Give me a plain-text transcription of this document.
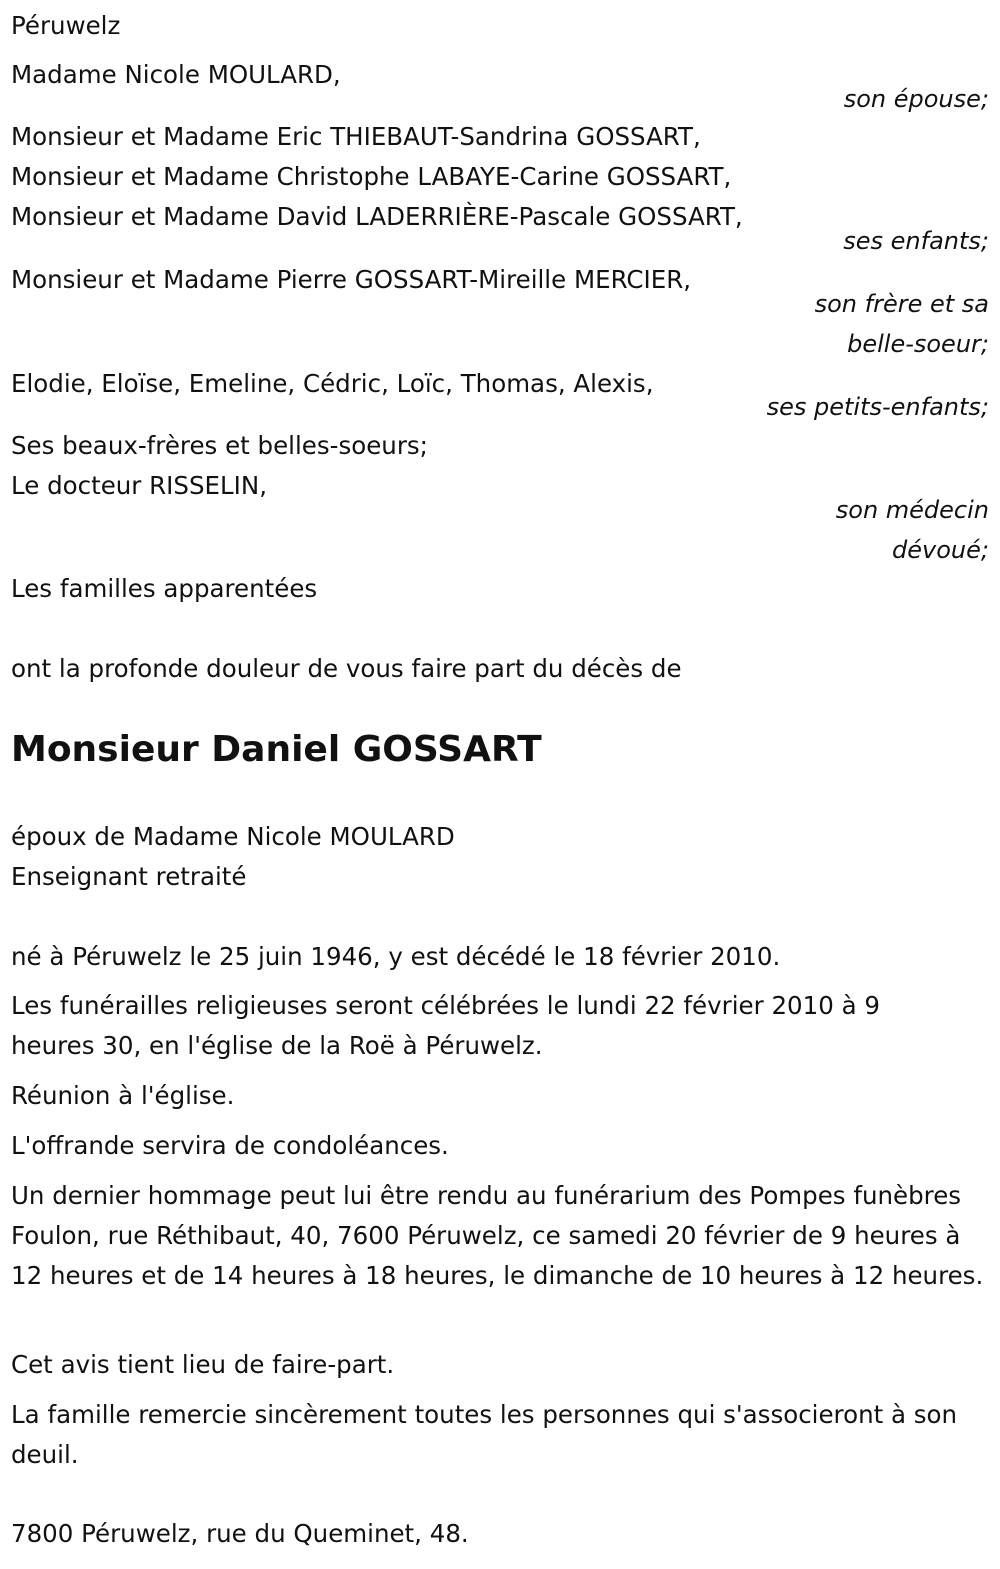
Péruwelz
Madame Nicole MOULARD,
son épouse;
Monsieur et Madame Eric THIEBAUT-Sandrina GOSSART,
Monsieur et Madame Christophe LABAYE-Carine GOSSART,
Monsieur et Madame David LADERRIÈRE-Pascale GOSSART,
ses enfants;
Monsieur et Madame Pierre GOSSART-Mireille MERCIER,
son frère et sa
belle-soeur;
Elodie, Eloïse, Emeline, Cédric, Loïc, Thomas, Alexis,
ses petits-enfants;
Ses beaux-frères et belles-soeurs;
Le docteur RISSELIN,
son médecin
dévoué;
Les familles apparentées
ont la profonde douleur de vous faire part du décès de
Monsieur Daniel GOSSART
époux de Madame Nicole MOULARD
Enseignant retraité
né à Péruwelz le 25 juin 1946, y est décédé le 18 février 2010.
Les funérailles religieuses seront célébrées le lundi 22 février 2010 à 9 heures 30, en l'église de la Roë à Péruwelz.
Réunion à l'église.
L'offrande servira de condoléances.
Un dernier hommage peut lui être rendu au funérarium des Pompes funèbres Foulon, rue Réthibaut, 40, 7600 Péruwelz, ce samedi 20 février de 9 heures à 12 heures et de 14 heures à 18 heures, le dimanche de 10 heures à 12 heures.
Cet avis tient lieu de faire-part.
La famille remercie sincèrement toutes les personnes qui s'associeront à son deuil.
7800 Péruwelz, rue du Queminet, 48.
